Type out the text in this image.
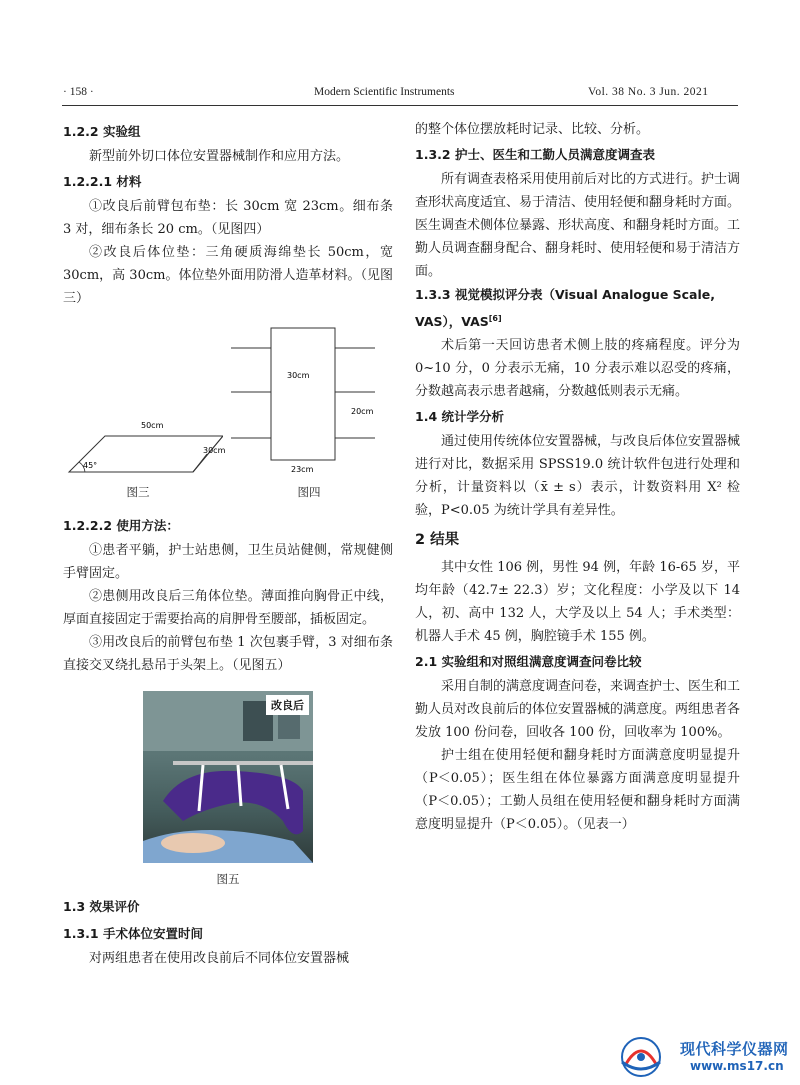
· 158 ·	Modern Scientific Instruments	Vol. 38 No. 3 Jun. 2021
1.2.2 实验组

新型前外切口体位安置器械制作和应用方法。

1.2.2.1 材料

①改良后前臂包布垫：长 30cm 宽 23cm。细布条 3 对，细布条长 20 cm。（见图四）

②改良后体位垫：三角硬质海绵垫长 50cm，宽 30cm，高 30cm。体位垫外面用防滑人造革材料。（见图三）

50cm
45°
30cm
图三
30cm
20cm
23cm
图四
1.2.2.2 使用方法：

①患者平躺，护士站患侧，卫生员站健侧，常规健侧手臂固定。

②患侧用改良后三角体位垫。薄面推向胸骨正中线，厚面直接固定于需要抬高的肩胛骨至腰部，插板固定。

③用改良后的前臂包布垫 1 次包裹手臂，3 对细布条直接交叉绕扎悬吊于头架上。（见图五）

改良后
图五
1.3 效果评价
1.3.1 手术体位安置时间

对两组患者在使用改良前后不同体位安置器械

的整个体位摆放耗时记录、比较、分析。

1.3.2 护士、医生和工勤人员满意度调查表

所有调查表格采用使用前后对比的方式进行。护士调查形状高度适宜、易于清洁、使用轻便和翻身耗时方面。医生调查术侧体位暴露、形状高度、和翻身耗时方面。工勤人员调查翻身配合、翻身耗时、使用轻便和易于清洁方面。

1.3.3 视觉模拟评分表（Visual Analogue Scale, VAS），VAS[6]

术后第一天回访患者术侧上肢的疼痛程度。评分为 0~10 分，0 分表示无痛，10 分表示难以忍受的疼痛，分数越高表示患者越痛，分数越低则表示无痛。

1.4 统计学分析

通过使用传统体位安置器械，与改良后体位安置器械进行对比，数据采用 SPSS19.0 统计软件包进行处理和分析，计量资料以（x̄ ± s）表示，计数资料用 X² 检验，P<0.05 为统计学具有差异性。

2 结果

其中女性 106 例，男性 94 例，年龄 16-65 岁，平均年龄（42.7± 22.3）岁；文化程度：小学及以下 14 人，初、高中 132 人，大学及以上 54 人；手术类型：机器人手术 45 例，胸腔镜手术 155 例。

2.1 实验组和对照组满意度调查问卷比较

采用自制的满意度调查问卷，来调查护士、医生和工勤人员对改良前后的体位安置器械的满意度。两组患者各发放 100 份问卷，回收各 100 份，回收率为 100%。

护士组在使用轻便和翻身耗时方面满意度明显提升（P＜0.05）；医生组在体位暴露方面满意度明显提升（P＜0.05）；工勤人员组在使用轻便和翻身耗时方面满意度明显提升（P＜0.05）。（见表一）

现代科学仪器网
www.ms17.cn
